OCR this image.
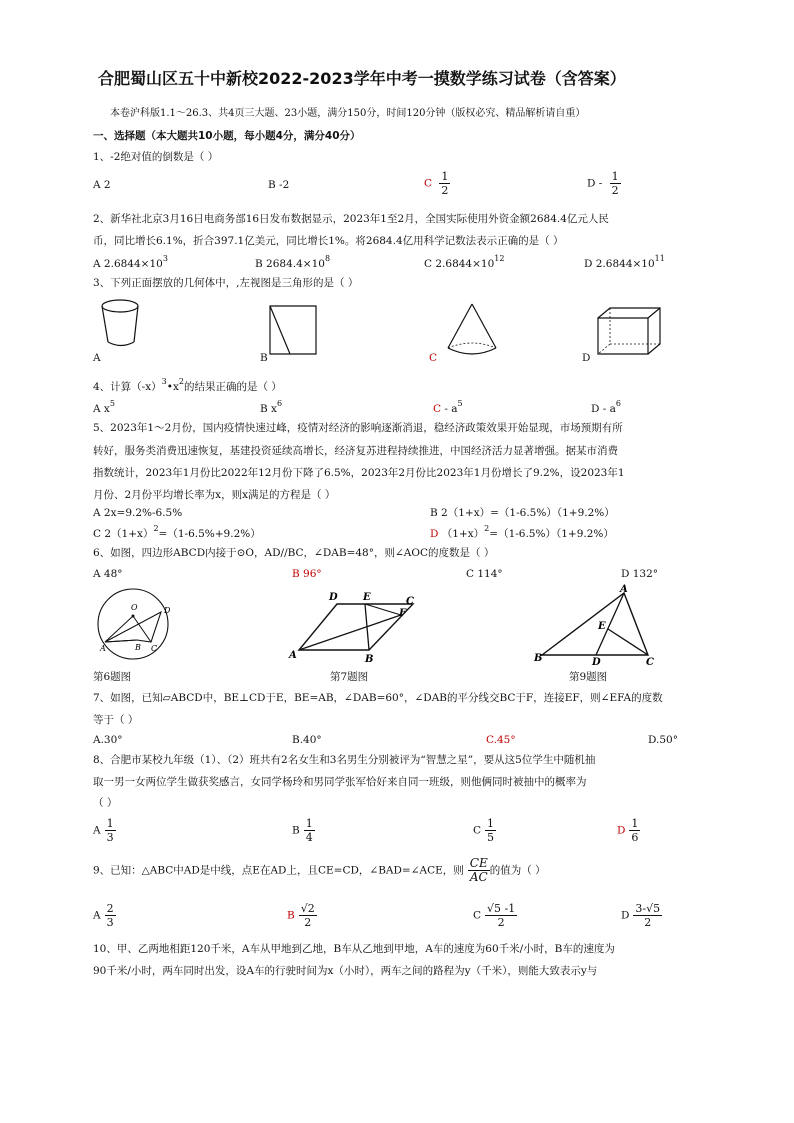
合肥蜀山区五十中新校2022-2023学年中考一摸数学练习试卷（含答案）
本卷沪科版1.1～26.3、共4页三大题、23小题，满分150分，时间120分钟（版权必究、精品解析请自重）
一、选择题（本大题共10小题，每小题4分，满分40分）
1、-2绝对值的倒数是（ ）
A 2	B -2	C $\frac{1}{2}$	D - $\frac{1}{2}$
2、新华社北京3月16日电商务部16日发布数据显示，2023年1至2月，全国实际使用外资金额2684.4亿元人民
币，同比增长6.1%，折合397.1亿美元，同比增长1%。将2684.4亿用科学记数法表示正确的是（ ）
A $2.6844\times 10^3$	B $2684.4\times 10^8$	C $2.6844\times 10^{12}$	D $2.6844\times 10^{11}$
3、下列正面摆放的几何体中，,左视图是三角形的是（ ）
A	B	C	D
4、计算$(-x)^3•x^2$的结果正确的是（ ）
A $x^5$	B $x^6$	C - $a^5$	D - $a^6$
5、2023年1～2月份，国内疫情快速过峰，疫情对经济的影响逐渐消退，稳经济政策效果开始显现，市场预期有所
转好，服务类消费迅速恢复，基建投资延续高增长，经济复苏进程持续推进，中国经济活力显著增强。据某市消费
指数统计，2023年1月份比2022年12月份下降了6.5%，2023年2月份比2023年1月份增长了9.2%，设2023年1
月份、2月份平均增长率为x，则x满足的方程是（ ）
A 2x=9.2%-6.5%	B 2（1+x）=（1-6.5%）（1+9.2%）
C $2(1+x)^2=(1-6.5\%+9.2\%)$	D $(1+x)^2=(1-6.5\%)(1+9.2\%)$
6、如图，四边形ABCD内接于⊙O，AD//BC，∠DAB=48°，则∠AOC的度数是（ ）
A 48°	B 96°	C 114°	D 132°
O	D
A	B C
D	E	C
F
A	B
A
E
B	D	C
第6题图	第7题图	第9题图
7、如图，已知▱ABCD中，BE⊥CD于E，BE=AB，∠DAB=60°，∠DAB的平分线交BC于F，连接EF，则∠EFA的度数
等于（ ）
A.30°	B.40°	C.45°	D.50°
8、合肥市某校九年级（1）、（2）班共有2名女生和3名男生分别被评为“智慧之星”，要从这5位学生中随机抽
取一男一女两位学生做获奖感言，女同学杨玲和男同学张军恰好来自同一班级，则他俩同时被抽中的概率为
（ ）
A $\frac{1}{3}$	B $\frac{1}{4}$	C $\frac{1}{5}$	D $\frac{1}{6}$
9、已知：△ABC中AD是中线，点E在AD上，且CE=CD，∠BAD=∠ACE，则 $\frac{CE}{AC}$ 的值为（ ）
A $\frac{2}{3}$	B $\frac{√2}{2}$	C $\frac{√5 -1}{2}$	D $\frac{3-√5}{2}$
10、甲、乙两地相距120千米，A车从甲地到乙地，B车从乙地到甲地，A车的速度为60千米/小时，B车的速度为
90千米/小时，两车同时出发，设A车的行驶时间为x（小时），两车之间的路程为y（千米），则能大致表示y与
